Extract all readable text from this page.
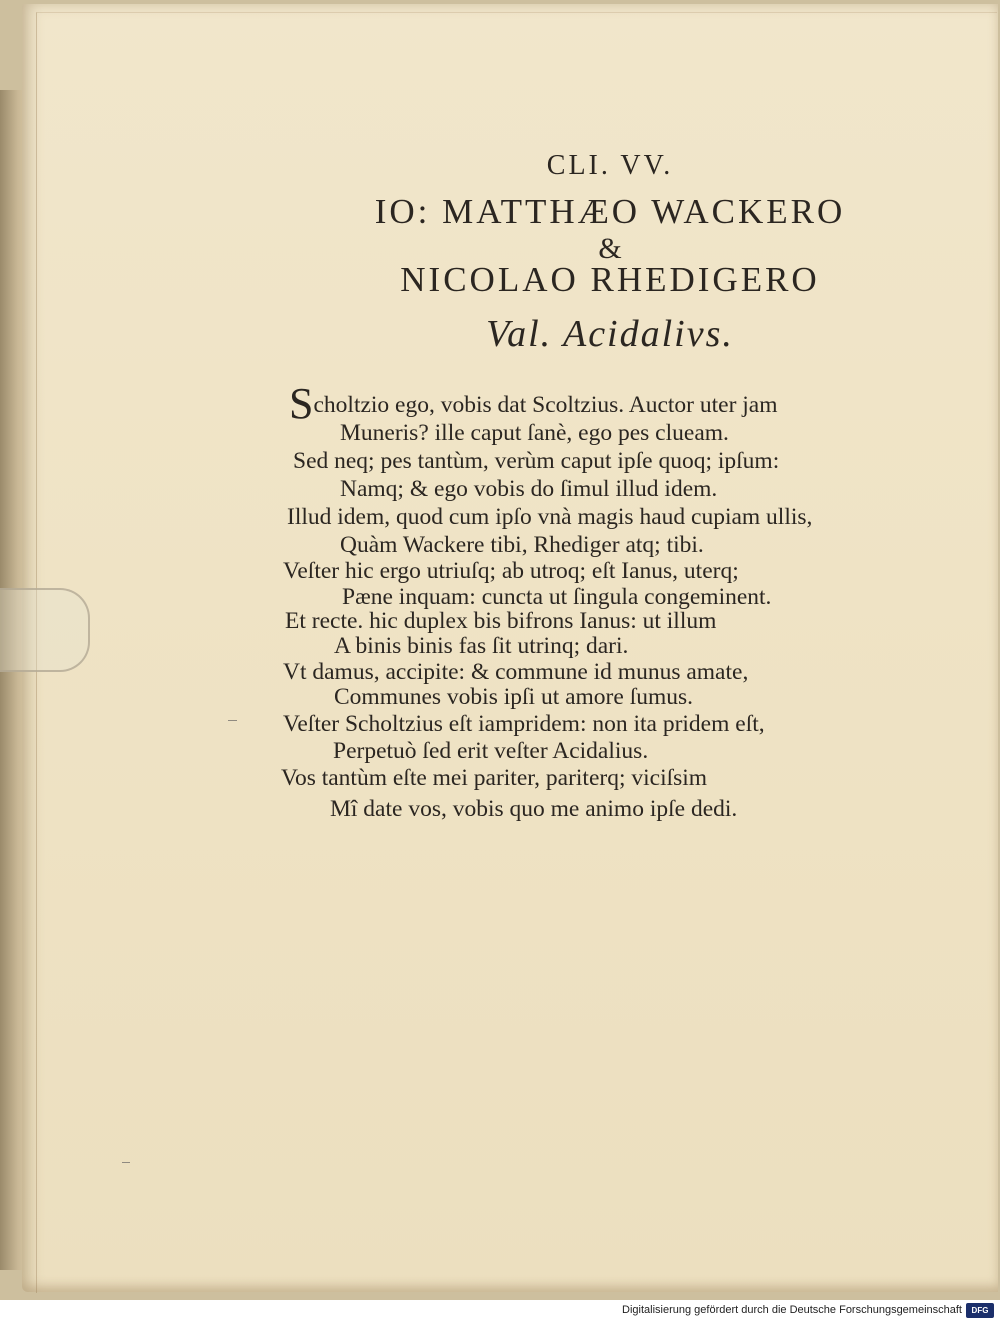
CLI. VV.

IO: MATTHÆO WACKERO

&

NICOLAO RHEDIGERO

Val. Acidalivs.

Scholtzio ego, vobis dat Scoltzius. Auctor uter jam

Muneris? ille caput ſanè, ego pes clueam.

Sed neq; pes tantùm, verùm caput ipſe quoq; ipſum:

Namq; & ego vobis do ſimul illud idem.

Illud idem, quod cum ipſo vnà magis haud cupiam ullis,

Quàm Wackere tibi, Rhediger atq; tibi.

Veſter hic ergo utriuſq; ab utroq; eſt Ianus, uterq;

Pæne inquam: cuncta ut ſingula congeminent.

Et recte. hic duplex bis bifrons Ianus: ut illum

A binis binis fas ſit utrinq; dari.

Vt damus, accipite: & commune id munus amate,

Communes vobis ipſi ut amore ſumus.

Veſter Scholtzius eſt iampridem: non ita pridem eſt,

Perpetuò ſed erit veſter Acidalius.

Vos tantùm eſte mei pariter, pariterq; viciſsim

Mî date vos, vobis quo me animo ipſe dedi.

Digitalisierung gefördert durch die Deutsche Forschungsgemeinschaft	DFG
